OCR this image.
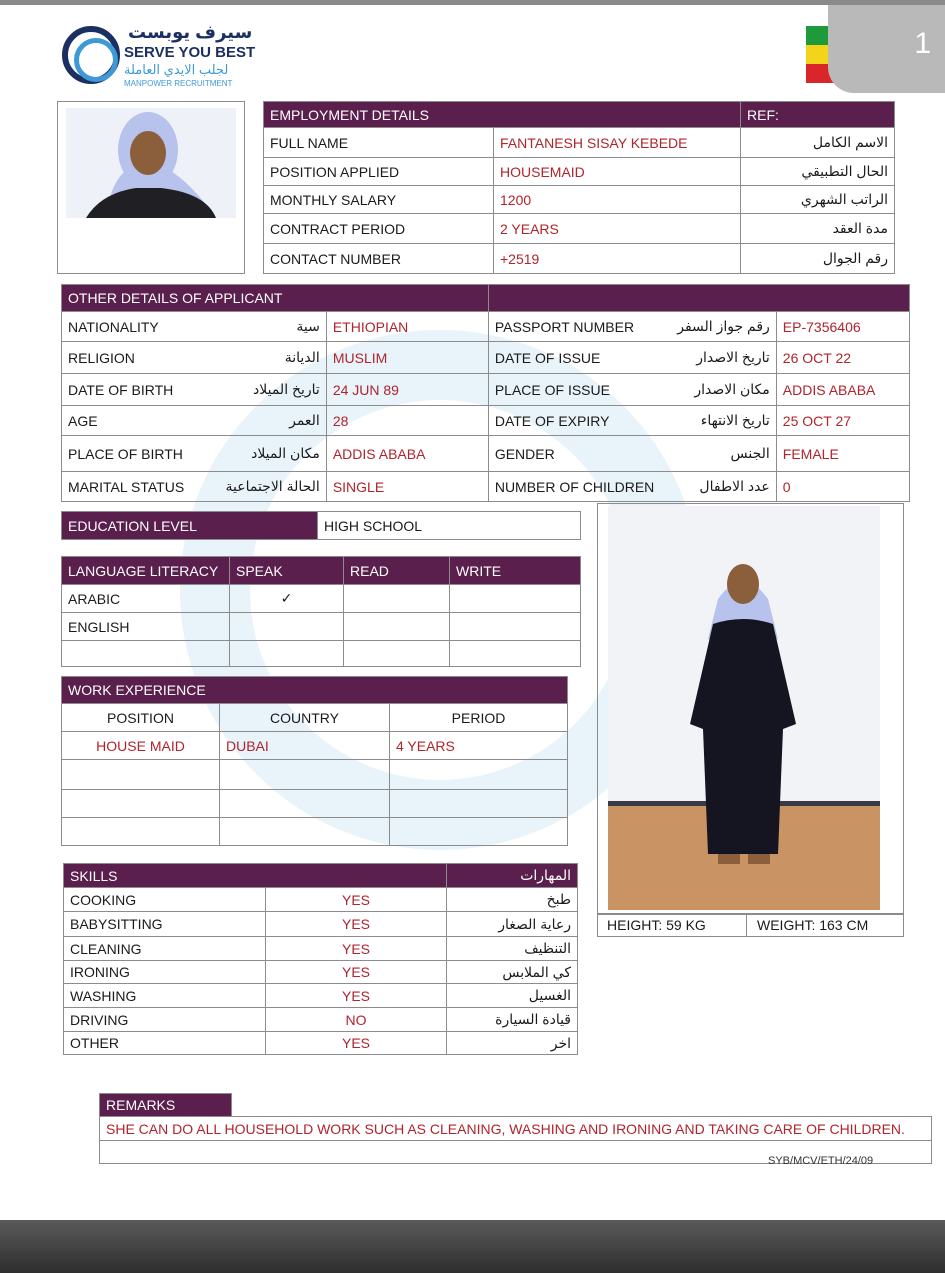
سيرف يوبست
SERVE YOU BEST
لجلب الايدي العاملة
MANPOWER RECRUITMENT
1
EMPLOYMENT DETAILS		REF:
FULL NAME	FANTANESH SISAY KEBEDE	الاسم الكامل
POSITION APPLIED	HOUSEMAID	الحال التطبيقي
MONTHLY SALARY	1200	الراتب الشهري
CONTRACT PERIOD	2 YEARS	مدة العقد
CONTACT NUMBER	+2519	رقم الجوال
OTHER DETAILS OF APPLICANT					
NATIONALITY	سية	ETHIOPIAN	PASSPORT NUMBER	رقم جواز السفر	EP-7356406
RELIGION	الديانة	MUSLIM	DATE OF ISSUE	تاريخ الاصدار	26 OCT 22
DATE OF BIRTH	تاريخ الميلاد	24 JUN 89	PLACE OF ISSUE	مكان الاصدار	ADDIS ABABA
AGE	العمر	28	DATE OF EXPIRY	تاريخ الانتهاء	25 OCT 27
PLACE OF BIRTH	مكان الميلاد	ADDIS ABABA	GENDER	الجنس	FEMALE
MARITAL STATUS	الحالة الاجتماعية	SINGLE	NUMBER OF CHILDREN	عدد الاطفال	0
EDUCATION LEVEL	HIGH SCHOOL
LANGUAGE LITERACY	SPEAK	READ	WRITE
ARABIC	✓		
ENGLISH			

WORK EXPERIENCE		
POSITION	COUNTRY	PERIOD
HOUSE MAID	DUBAI	4 YEARS

SKILLS		المهارات
COOKING	YES	طبخ
BABYSITTING	YES	رعاية الصغار
CLEANING	YES	التنظيف
IRONING	YES	كي الملابس
WASHING	YES	الغسيل
DRIVING	NO	قيادة السيارة
OTHER	YES	اخر
HEIGHT: 59 KG	WEIGHT: 163 CM
REMARKS	
SHE CAN DO ALL HOUSEHOLD WORK SUCH AS CLEANING, WASHING AND IRONING AND TAKING CARE OF CHILDREN.

SYB/MCV/ETH/24/09
